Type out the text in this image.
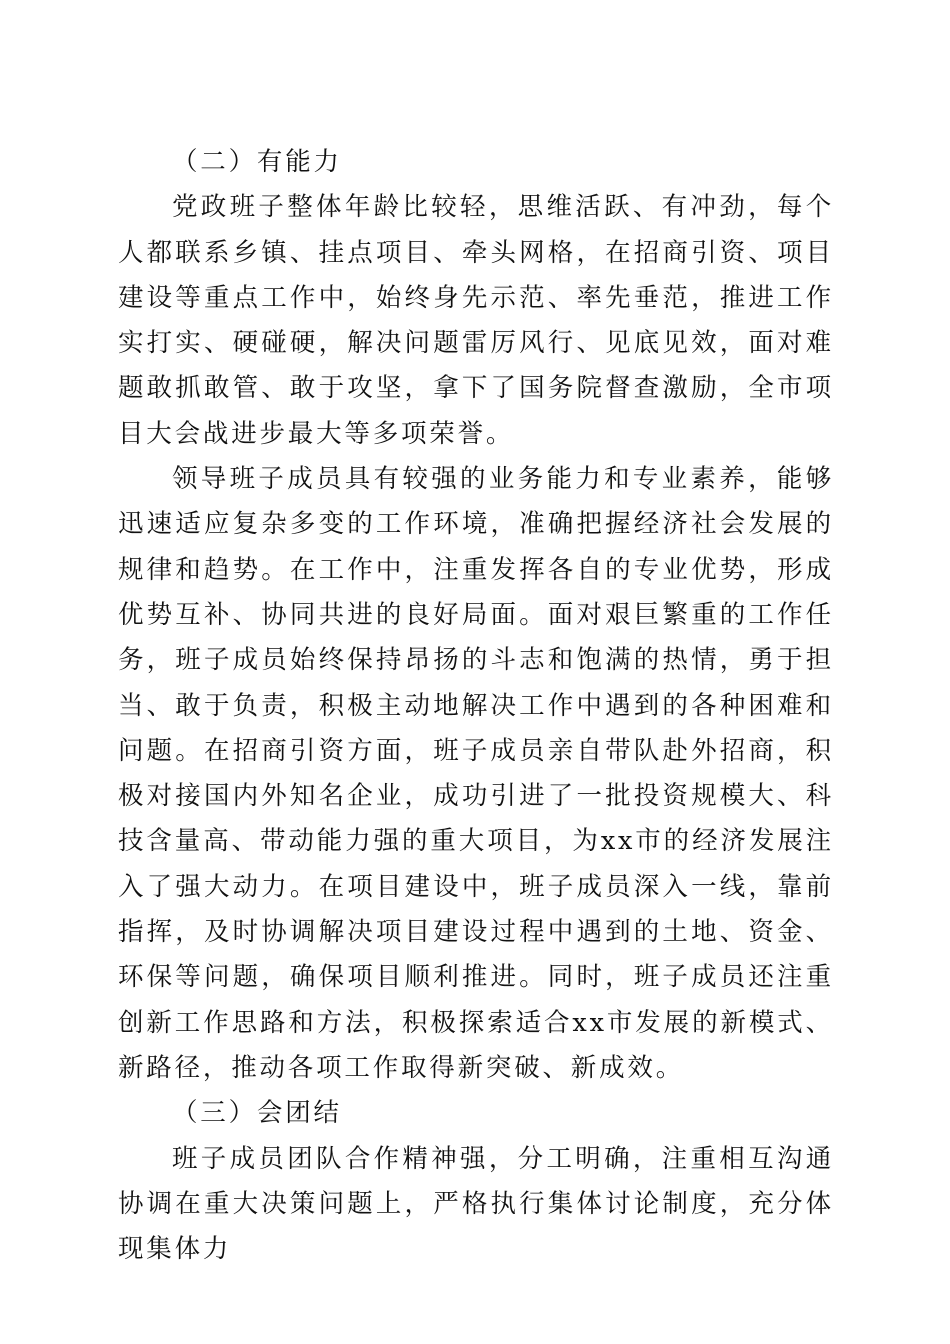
（二）有能力

党政班子整体年龄比较轻，思维活跃、有冲劲，每个人都联系乡镇、挂点项目、牵头网格，在招商引资、项目建设等重点工作中，始终身先示范、率先垂范，推进工作实打实、硬碰硬，解决问题雷厉风行、见底见效，面对难题敢抓敢管、敢于攻坚，拿下了国务院督查激励，全市项目大会战进步最大等多项荣誉。

领导班子成员具有较强的业务能力和专业素养，能够迅速适应复杂多变的工作环境，准确把握经济社会发展的规律和趋势。在工作中，注重发挥各自的专业优势，形成优势互补、协同共进的良好局面。面对艰巨繁重的工作任务，班子成员始终保持昂扬的斗志和饱满的热情，勇于担当、敢于负责，积极主动地解决工作中遇到的各种困难和问题。在招商引资方面，班子成员亲自带队赴外招商，积极对接国内外知名企业，成功引进了一批投资规模大、科技含量高、带动能力强的重大项目，为xx市的经济发展注入了强大动力。在项目建设中，班子成员深入一线，靠前指挥，及时协调解决项目建设过程中遇到的土地、资金、环保等问题，确保项目顺利推进。同时，班子成员还注重创新工作思路和方法，积极探索适合xx市发展的新模式、新路径，推动各项工作取得新突破、新成效。

（三）会团结

班子成员团队合作精神强，分工明确，注重相互沟通协调在重大决策问题上，严格执行集体讨论制度，充分体现集体力
